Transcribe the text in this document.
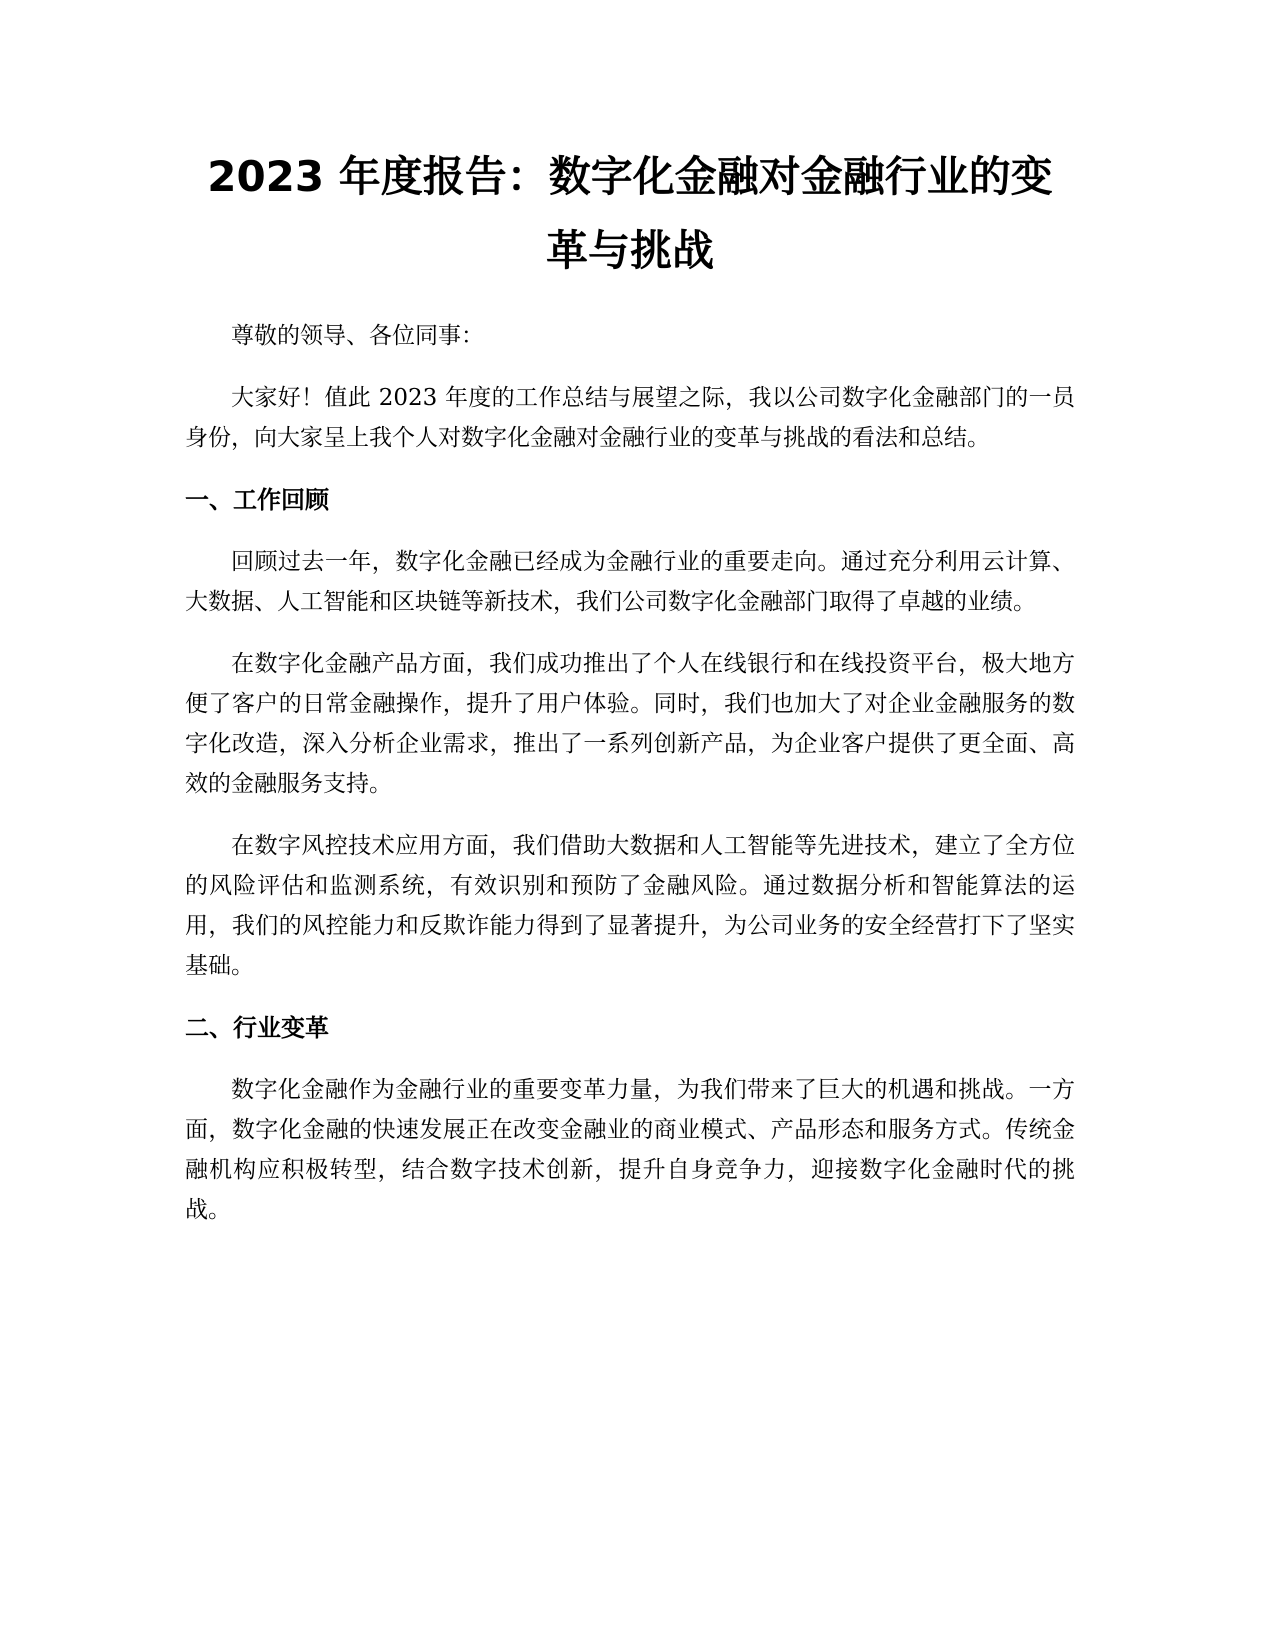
2023 年度报告：数字化金融对金融行业的变
革与挑战

尊敬的领导、各位同事：

大家好！值此 2023 年度的工作总结与展望之际，我以公司数字化金融部门的一员身份，向大家呈上我个人对数字化金融对金融行业的变革与挑战的看法和总结。

一、工作回顾

回顾过去一年，数字化金融已经成为金融行业的重要走向。通过充分利用云计算、大数据、人工智能和区块链等新技术，我们公司数字化金融部门取得了卓越的业绩。

在数字化金融产品方面，我们成功推出了个人在线银行和在线投资平台，极大地方便了客户的日常金融操作，提升了用户体验。同时，我们也加大了对企业金融服务的数字化改造，深入分析企业需求，推出了一系列创新产品，为企业客户提供了更全面、高效的金融服务支持。

在数字风控技术应用方面，我们借助大数据和人工智能等先进技术，建立了全方位的风险评估和监测系统，有效识别和预防了金融风险。通过数据分析和智能算法的运用，我们的风控能力和反欺诈能力得到了显著提升，为公司业务的安全经营打下了坚实基础。

二、行业变革

数字化金融作为金融行业的重要变革力量，为我们带来了巨大的机遇和挑战。一方面，数字化金融的快速发展正在改变金融业的商业模式、产品形态和服务方式。传统金融机构应积极转型，结合数字技术创新，提升自身竞争力，迎接数字化金融时代的挑战。
